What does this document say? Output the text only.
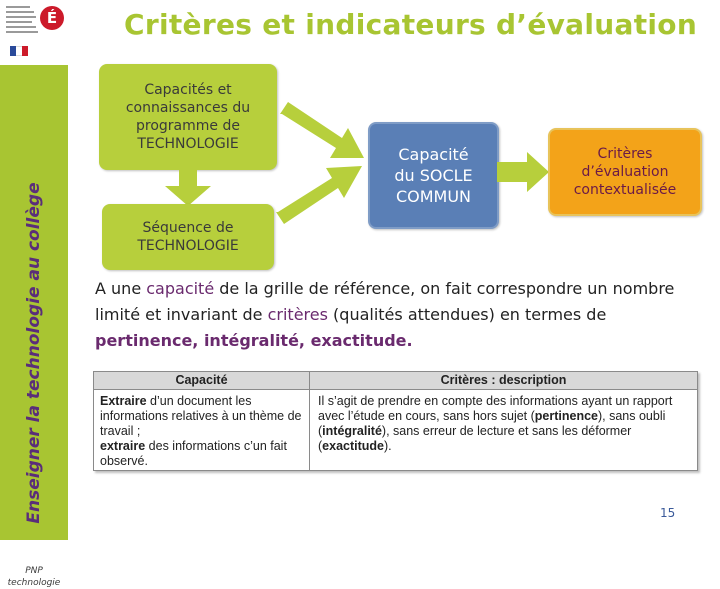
Enseigner la technologie au collège
PNP
technologie
É Critères et indicateurs d’évaluation
Capacités et
connaissances du
programme de
TECHNOLOGIE
Séquence de
TECHNOLOGIE
Capacité
du SOCLE
COMMUN
Critères
d’évaluation
contextualisée
A une capacité de la grille de référence, on fait correspondre un nombre limité et invariant de critères (qualités attendues) en termes de pertinence, intégralité, exactitude.
Capacité	Critères : description
Extraire d’un document les informations relatives à un thème de travail ;
extraire des informations c’un fait observé.
Il s’agit de prendre en compte des informations ayant un rapport avec l’étude en cours, sans hors sujet (pertinence), sans oubli (intégralité), sans erreur de lecture et sans les déformer (exactitude).
15
